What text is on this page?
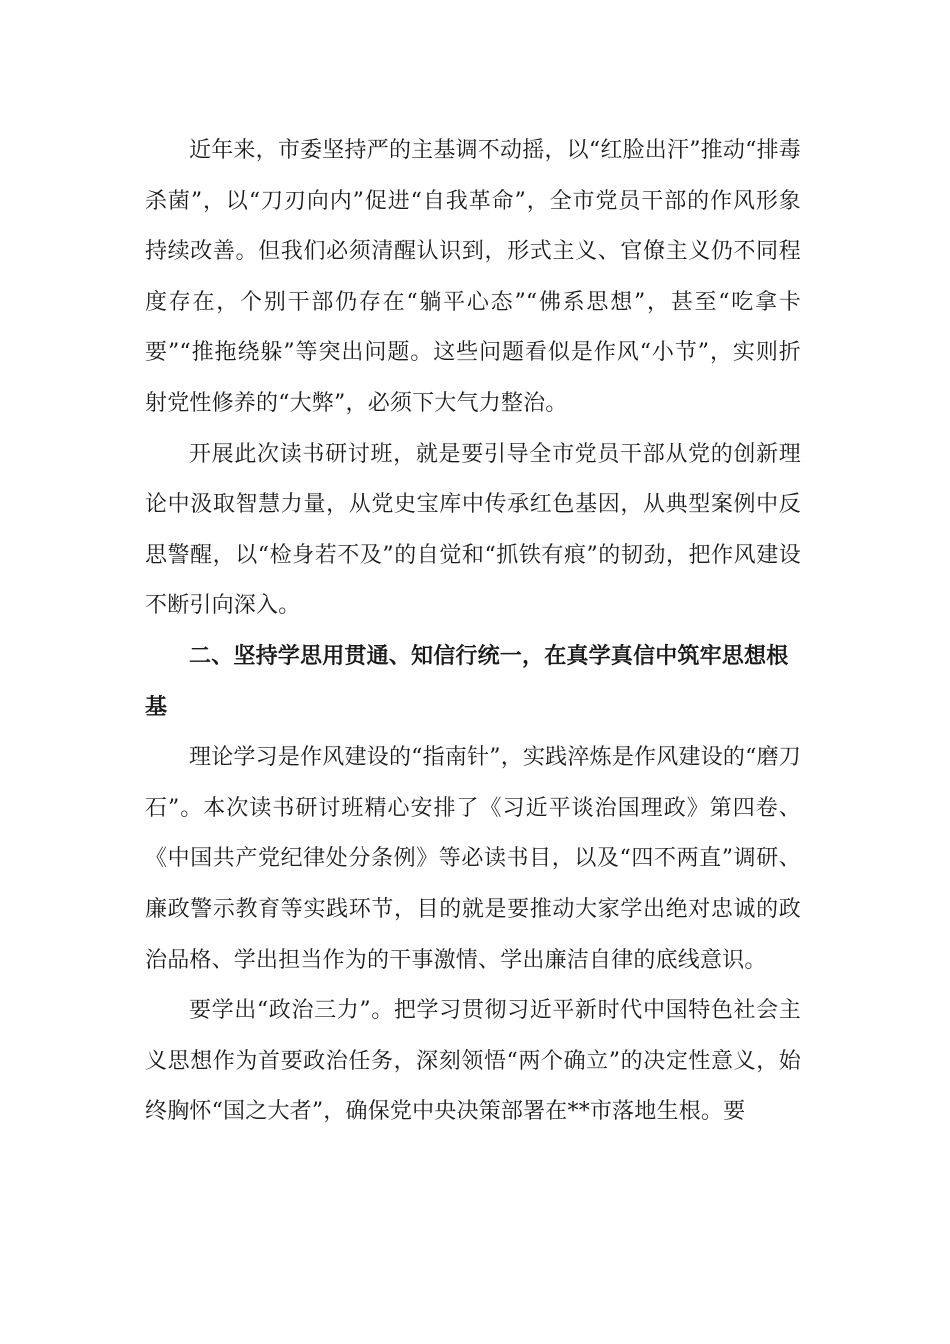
近年来，市委坚持严的主基调不动摇，以“红脸出汗”推动“排毒杀菌”，以“刀刃向内”促进“自我革命”，全市党员干部的作风形象持续改善。但我们必须清醒认识到，形式主义、官僚主义仍不同程度存在，个别干部仍存在“躺平心态”“佛系思想”，甚至“吃拿卡要”“推拖绕躲”等突出问题。这些问题看似是作风“小节”，实则折射党性修养的“大弊”，必须下大气力整治。

开展此次读书研讨班，就是要引导全市党员干部从党的创新理论中汲取智慧力量，从党史宝库中传承红色基因，从典型案例中反思警醒，以“检身若不及”的自觉和“抓铁有痕”的韧劲，把作风建设不断引向深入。

二、坚持学思用贯通、知信行统一，在真学真信中筑牢思想根基

理论学习是作风建设的“指南针”，实践淬炼是作风建设的“磨刀石”。本次读书研讨班精心安排了《习近平谈治国理政》第四卷、《中国共产党纪律处分条例》等必读书目，以及“四不两直”调研、廉政警示教育等实践环节，目的就是要推动大家学出绝对忠诚的政治品格、学出担当作为的干事激情、学出廉洁自律的底线意识。

要学出“政治三力”。把学习贯彻习近平新时代中国特色社会主义思想作为首要政治任务，深刻领悟“两个确立”的决定性意义，始终胸怀“国之大者”，确保党中央决策部署在**市落地生根。要
